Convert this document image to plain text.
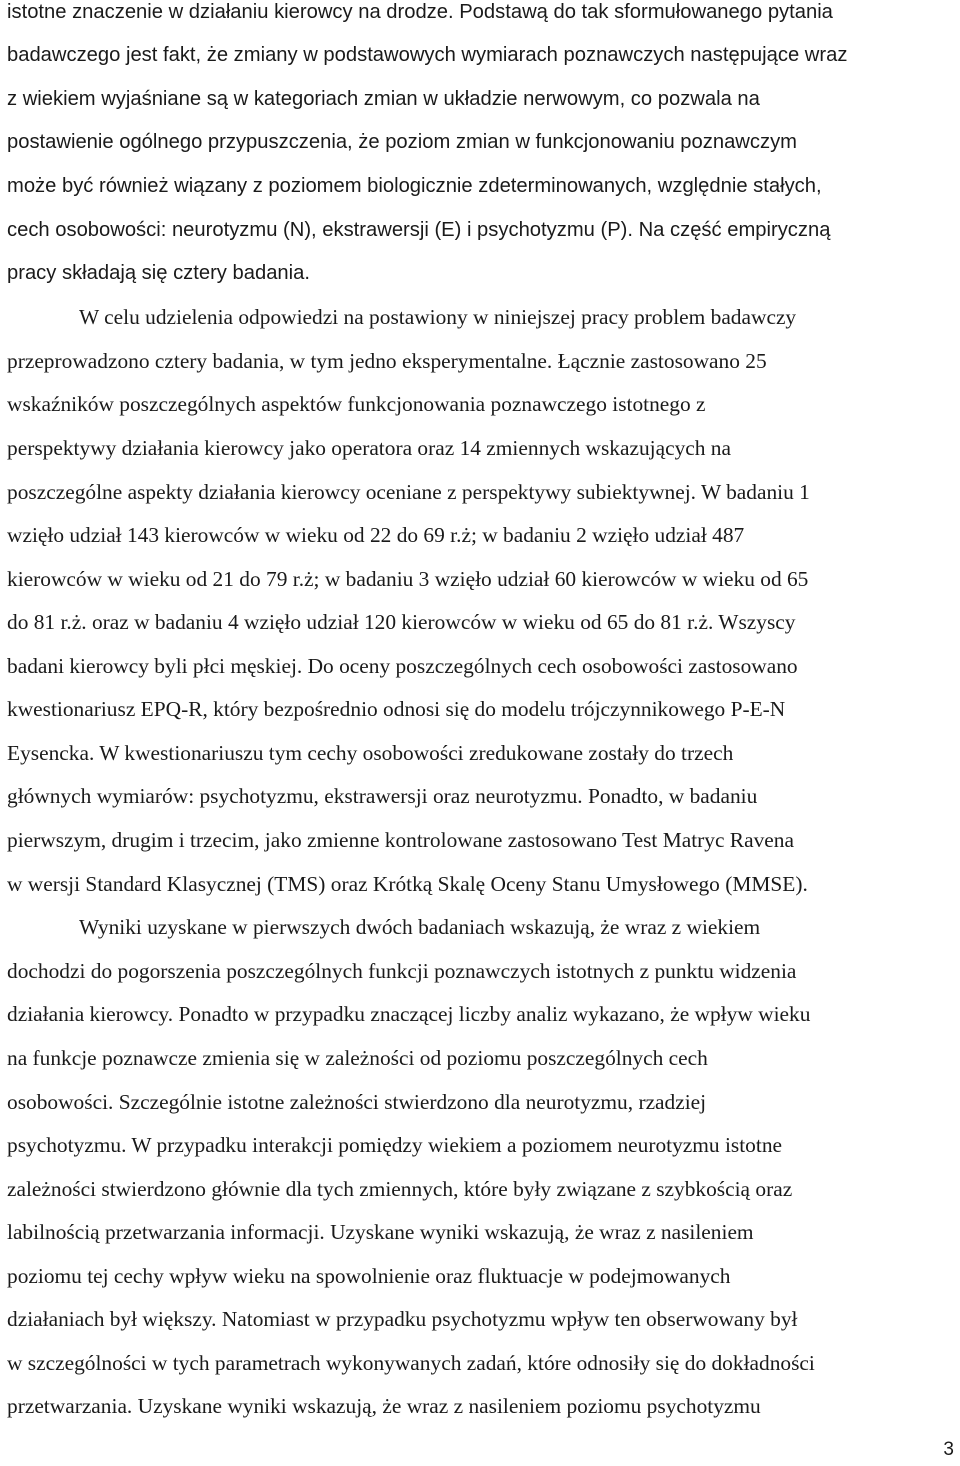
istotne znaczenie w działaniu kierowcy na drodze. Podstawą do tak sformułowanego pytania
badawczego jest fakt, że zmiany w podstawowych wymiarach poznawczych następujące wraz
z wiekiem wyjaśniane są w kategoriach zmian w układzie nerwowym, co pozwala na
postawienie ogólnego przypuszczenia, że poziom zmian w funkcjonowaniu poznawczym
może być również wiązany z poziomem biologicznie zdeterminowanych, względnie stałych,
cech osobowości: neurotyzmu (N), ekstrawersji (E) i psychotyzmu (P). Na część empiryczną
pracy składają się cztery badania.
W celu udzielenia odpowiedzi na postawiony w niniejszej pracy problem badawczy
przeprowadzono cztery badania, w tym jedno eksperymentalne. Łącznie zastosowano 25
wskaźników poszczególnych aspektów funkcjonowania poznawczego istotnego z
perspektywy działania kierowcy jako operatora oraz 14 zmiennych wskazujących na
poszczególne aspekty działania kierowcy oceniane z perspektywy subiektywnej. W badaniu 1
wzięło udział 143 kierowców w wieku od 22 do 69 r.ż; w badaniu 2 wzięło udział 487
kierowców w wieku od 21 do 79 r.ż; w badaniu 3 wzięło udział 60 kierowców w wieku od 65
do 81 r.ż. oraz w badaniu 4 wzięło udział 120 kierowców w wieku od 65 do 81 r.ż. Wszyscy
badani kierowcy byli płci męskiej. Do oceny poszczególnych cech osobowości zastosowano
kwestionariusz EPQ-R, który bezpośrednio odnosi się do modelu trójczynnikowego P-E-N
Eysencka. W kwestionariuszu tym cechy osobowości zredukowane zostały do trzech
głównych wymiarów: psychotyzmu, ekstrawersji oraz neurotyzmu. Ponadto, w badaniu
pierwszym, drugim i trzecim, jako zmienne kontrolowane zastosowano Test Matryc Ravena
w wersji Standard Klasycznej (TMS) oraz Krótką Skalę Oceny Stanu Umysłowego (MMSE).
Wyniki uzyskane w pierwszych dwóch badaniach wskazują, że wraz z wiekiem
dochodzi do pogorszenia poszczególnych funkcji poznawczych istotnych z punktu widzenia
działania kierowcy. Ponadto w przypadku znaczącej liczby analiz wykazano, że wpływ wieku
na funkcje poznawcze zmienia się w zależności od poziomu poszczególnych cech
osobowości. Szczególnie istotne zależności stwierdzono dla neurotyzmu, rzadziej
psychotyzmu. W przypadku interakcji pomiędzy wiekiem a poziomem neurotyzmu istotne
zależności stwierdzono głównie dla tych zmiennych, które były związane z szybkością oraz
labilnością przetwarzania informacji. Uzyskane wyniki wskazują, że wraz z nasileniem
poziomu tej cechy wpływ wieku na spowolnienie oraz fluktuacje w podejmowanych
działaniach był większy. Natomiast w przypadku psychotyzmu wpływ ten obserwowany był
w szczególności w tych parametrach wykonywanych zadań, które odnosiły się do dokładności
przetwarzania. Uzyskane wyniki wskazują, że wraz z nasileniem poziomu psychotyzmu
3
